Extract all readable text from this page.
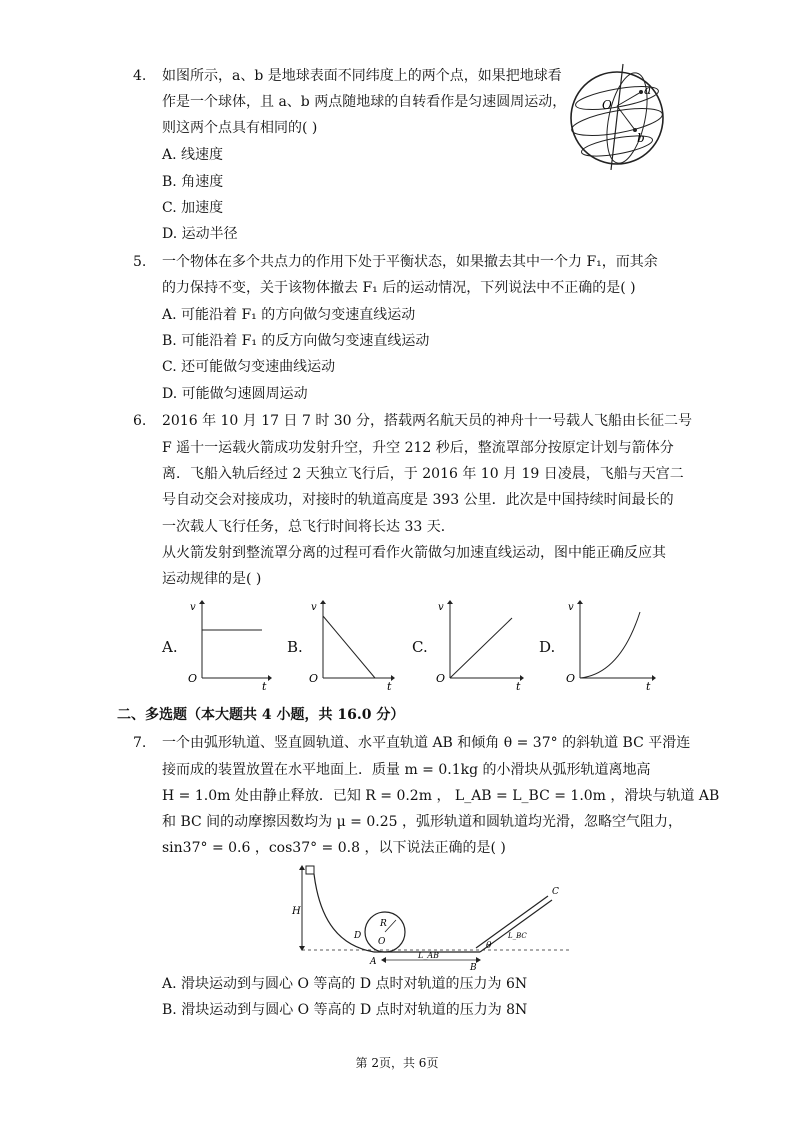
4. 如图所示，a、b 是地球表面不同纬度上的两个点，如果把地球看
作是一个球体，且 a、b 两点随地球的自转看作是匀速圆周运动，
则这两个点具有相同的( )
A. 线速度
B. 角速度
C. 加速度
D. 运动半径
O
a
b
5. 一个物体在多个共点力的作用下处于平衡状态，如果撤去其中一个力 F₁，而其余
的力保持不变，关于该物体撤去 F₁ 后的运动情况，下列说法中不正确的是( )
A. 可能沿着 F₁ 的方向做匀变速直线运动
B. 可能沿着 F₁ 的反方向做匀变速直线运动
C. 还可能做匀变速曲线运动
D. 可能做匀速圆周运动
6. 2016 年 10 月 17 日 7 时 30 分，搭载两名航天员的神舟十一号载人飞船由长征二号
F 遥十一运载火箭成功发射升空，升空 212 秒后，整流罩部分按原定计划与箭体分
离．飞船入轨后经过 2 天独立飞行后，于 2016 年 10 月 19 日凌晨，飞船与天宫二
号自动交会对接成功，对接时的轨道高度是 393 公里．此次是中国持续时间最长的
一次载人飞行任务，总飞行时间将长达 33 天．
从火箭发射到整流罩分离的过程可看作火箭做匀加速直线运动，图中能正确反应其
运动规律的是( )
A.
v
t
O
B.
v
t
O
C.
v
t
O
D.
v
t
O
二、多选题（本大题共 4 小题，共 16.0 分）
7. 一个由弧形轨道、竖直圆轨道、水平直轨道 AB 和倾角 θ = 37° 的斜轨道 BC 平滑连
接而成的装置放置在水平地面上．质量 m = 0.1kg 的小滑块从弧形轨道离地高
H = 1.0m 处由静止释放．已知 R = 0.2m ， L_AB = L_BC = 1.0m ，滑块与轨道 AB
和 BC 间的动摩擦因数均为 μ = 0.25 ，弧形轨道和圆轨道均光滑，忽略空气阻力，
sin37° = 0.6 ，cos37° = 0.8 ，以下说法正确的是( )
H
R
O
D
A
B
C
L_AB
L_BC
θ
A. 滑块运动到与圆心 O 等高的 D 点时对轨道的压力为 6N
B. 滑块运动到与圆心 O 等高的 D 点时对轨道的压力为 8N
第 2页，共 6页
